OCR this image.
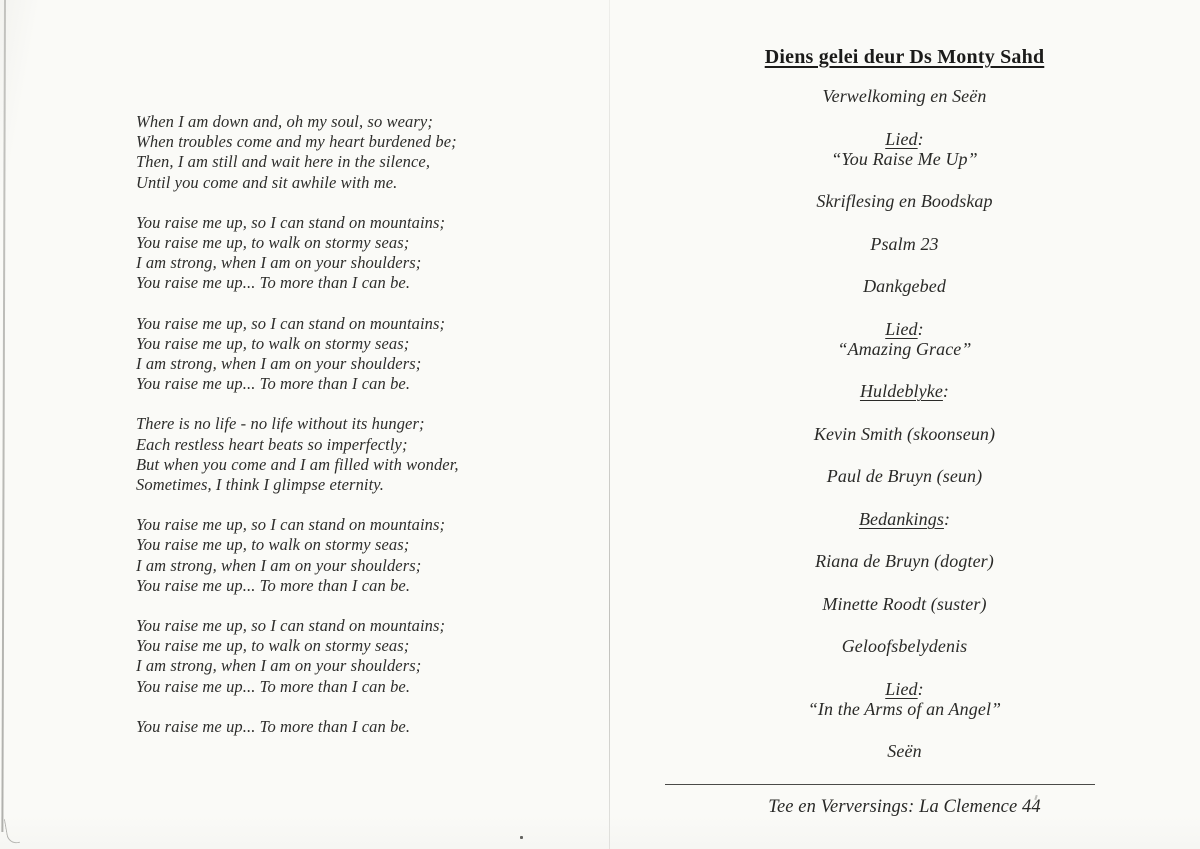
When I am down and, oh my soul, so weary;
When troubles come and my heart burdened be;
Then, I am still and wait here in the silence,
Until you come and sit awhile with me.
You raise me up, so I can stand on mountains;
You raise me up, to walk on stormy seas;
I am strong, when I am on your shoulders;
You raise me up... To more than I can be.
You raise me up, so I can stand on mountains;
You raise me up, to walk on stormy seas;
I am strong, when I am on your shoulders;
You raise me up... To more than I can be.
There is no life - no life without its hunger;
Each restless heart beats so imperfectly;
But when you come and I am filled with wonder,
Sometimes, I think I glimpse eternity.
You raise me up, so I can stand on mountains;
You raise me up, to walk on stormy seas;
I am strong, when I am on your shoulders;
You raise me up... To more than I can be.
You raise me up, so I can stand on mountains;
You raise me up, to walk on stormy seas;
I am strong, when I am on your shoulders;
You raise me up... To more than I can be.
You raise me up... To more than I can be.
Diens gelei deur Ds Monty Sahd
Verwelkoming en Seën
Lied:
“You Raise Me Up”
Skriflesing en Boodskap
Psalm 23
Dankgebed
Lied:
“Amazing Grace”
Huldeblyke:
Kevin Smith (skoonseun)
Paul de Bruyn (seun)
Bedankings:
Riana de Bruyn (dogter)
Minette Roodt (suster)
Geloofsbelydenis
Lied:
“In the Arms of an Angel”
Seën
Tee en Verversings: La Clemence 44
